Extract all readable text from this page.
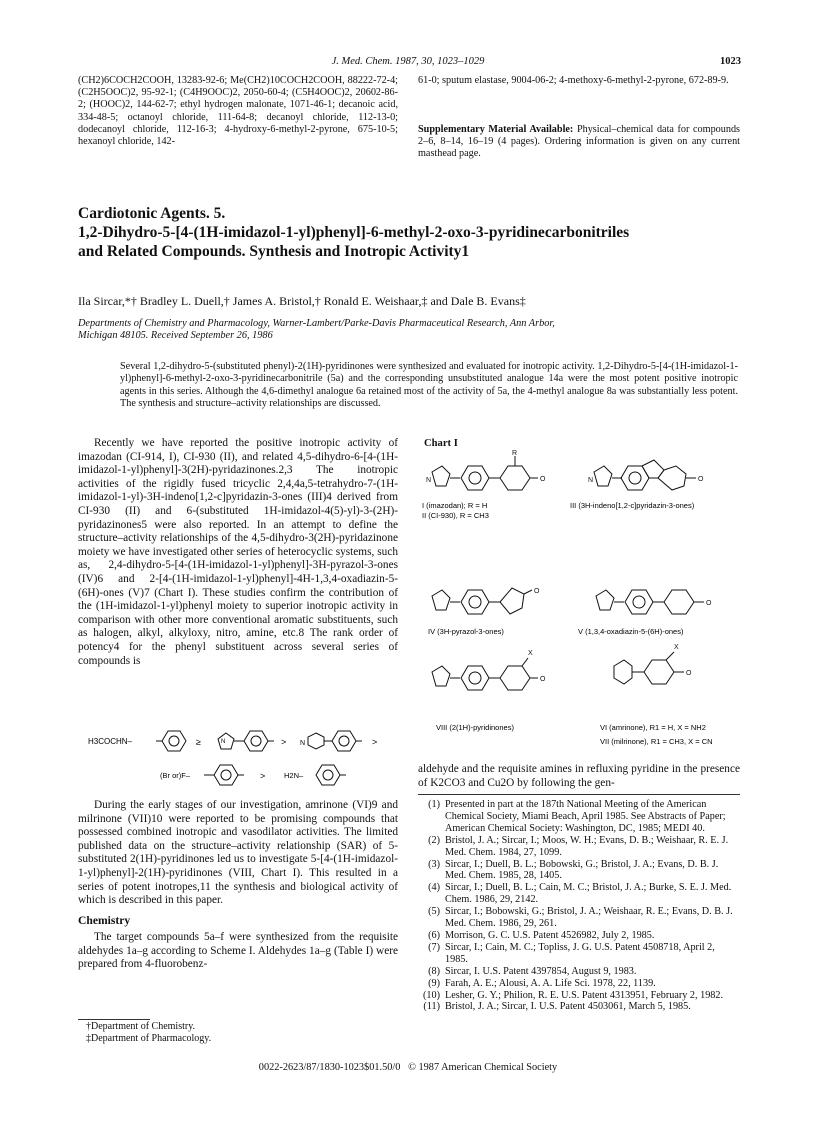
J. Med. Chem. 1987, 30, 1023–1029	1023
(CH2)6COCH2COOH, 13283-92-6; Me(CH2)10COCH2COOH, 88222-72-4; (C2H5OOC)2, 95-92-1; (C4H9OOC)2, 2050-60-4; (C5H4OOC)2, 20602-86-2; (HOOC)2, 144-62-7; ethyl hydrogen malonate, 1071-46-1; decanoic acid, 334-48-5; octanoyl chloride, 111-64-8; decanoyl chloride, 112-13-0; dodecanoyl chloride, 112-16-3; 4-hydroxy-6-methyl-2-pyrone, 675-10-5; hexanoyl chloride, 142-
61-0; sputum elastase, 9004-06-2; 4-methoxy-6-methyl-2-pyrone, 672-89-9.
Supplementary Material Available: Physical–chemical data for compounds 2–6, 8–14, 16–19 (4 pages). Ordering information is given on any current masthead page.
Cardiotonic Agents. 5.
1,2-Dihydro-5-[4-(1H-imidazol-1-yl)phenyl]-6-methyl-2-oxo-3-pyridinecarbonitriles
and Related Compounds. Synthesis and Inotropic Activity1
Ila Sircar,*† Bradley L. Duell,† James A. Bristol,† Ronald E. Weishaar,‡ and Dale B. Evans‡
Departments of Chemistry and Pharmacology, Warner-Lambert/Parke-Davis Pharmaceutical Research, Ann Arbor,
Michigan 48105. Received September 26, 1986
Several 1,2-dihydro-5-(substituted phenyl)-2(1H)-pyridinones were synthesized and evaluated for inotropic activity. 1,2-Dihydro-5-[4-(1H-imidazol-1-yl)phenyl]-6-methyl-2-oxo-3-pyridinecarbonitrile (5a) and the corresponding unsubstituted analogue 14a were the most potent positive inotropic agents in this series. Although the 4,6-dimethyl analogue 6a retained most of the activity of 5a, the 4-methyl analogue 8a was substantially less potent. The synthesis and structure–activity relationships are discussed.
Recently we have reported the positive inotropic activity of imazodan (CI-914, I), CI-930 (II), and related 4,5-dihydro-6-[4-(1H-imidazol-1-yl)phenyl]-3(2H)-pyridazinones.2,3 The inotropic activities of the rigidly fused tricyclic 2,4,4a,5-tetrahydro-7-(1H-imidazol-1-yl)-3H-indeno[1,2-c]pyridazin-3-ones (III)4 derived from CI-930 (II) and 6-(substituted 1H-imidazol-4(5)-yl)-3-(2H)-pyridazinones5 were also reported. In an attempt to define the structure–activity relationships of the 4,5-dihydro-3(2H)-pyridazinone moiety we have investigated other series of heterocyclic systems, such as, 2,4-dihydro-5-[4-(1H-imidazol-1-yl)phenyl]-3H-pyrazol-3-ones (IV)6 and 2-[4-(1H-imidazol-1-yl)phenyl]-4H-1,3,4-oxadiazin-5-(6H)-ones (V)7 (Chart I). These studies confirm the contribution of the (1H-imidazol-1-yl)phenyl moiety to superior inotropic activity in comparison with other more conventional aromatic substituents, such as halogen, alkyl, alkyloxy, nitro, amine, etc.8 The rank order of potency4 for the phenyl substituent across several series of compounds is
H3COCHN–	≥	N	> N	>
(Br or)F–	> H2N–
During the early stages of our investigation, amrinone (VI)9 and milrinone (VII)10 were reported to be promising compounds that possessed combined inotropic and vasodilator activities. The limited published data on the structure–activity relationship (SAR) of 5-substituted 2(1H)-pyridinones led us to investigate 5-[4-(1H-imidazol-1-yl)phenyl]-2(1H)-pyridinones (VIII, Chart I). This resulted in a series of potent inotropes,11 the synthesis and biological activity of which is described in this paper.
Chemistry
The target compounds 5a–f were synthesized from the requisite aldehydes 1a–g according to Scheme I. Aldehydes 1a–g (Table I) were prepared from 4-fluorobenz-
†Department of Chemistry.
‡Department of Pharmacology.
Chart I
R
N	N
O	O
O
O
O
O
X
X
I (imazodan); R = H
II (CI-930), R = CH3
III (3H-indeno[1,2-c]pyridazin-3-ones)
IV (3H-pyrazol-3-ones)	V (1,3,4-oxadiazin-5-(6H)-ones)
VIII (2(1H)-pyridinones)	VI (amrinone), R1 = H, X = NH2
VII (milrinone), R1 = CH3, X = CN
aldehyde and the requisite amines in refluxing pyridine in the presence of K2CO3 and Cu2O by following the gen-
(1) Presented in part at the 187th National Meeting of the American Chemical Society, Miami Beach, April 1985. See Abstracts of Paper; American Chemical Society: Washington, DC, 1985; MEDI 40.
(2) Bristol, J. A.; Sircar, I.; Moos, W. H.; Evans, D. B.; Weishaar, R. E. J. Med. Chem. 1984, 27, 1099.
(3) Sircar, I.; Duell, B. L.; Bobowski, G.; Bristol, J. A.; Evans, D. B. J. Med. Chem. 1985, 28, 1405.
(4) Sircar, I.; Duell, B. L.; Cain, M. C.; Bristol, J. A.; Burke, S. E. J. Med. Chem. 1986, 29, 2142.
(5) Sircar, I.; Bobowski, G.; Bristol, J. A.; Weishaar, R. E.; Evans, D. B. J. Med. Chem. 1986, 29, 261.
(6) Morrison, G. C. U.S. Patent 4526982, July 2, 1985.
(7) Sircar, I.; Cain, M. C.; Topliss, J. G. U.S. Patent 4508718, April 2, 1985.
(8) Sircar, I. U.S. Patent 4397854, August 9, 1983.
(9) Farah, A. E.; Alousi, A. A. Life Sci. 1978, 22, 1139.
(10) Lesher, G. Y.; Philion, R. E. U.S. Patent 4313951, February 2, 1982.
(11) Bristol, J. A.; Sircar, I. U.S. Patent 4503061, March 5, 1985.
0022-2623/87/1830-1023$01.50/0   © 1987 American Chemical Society
